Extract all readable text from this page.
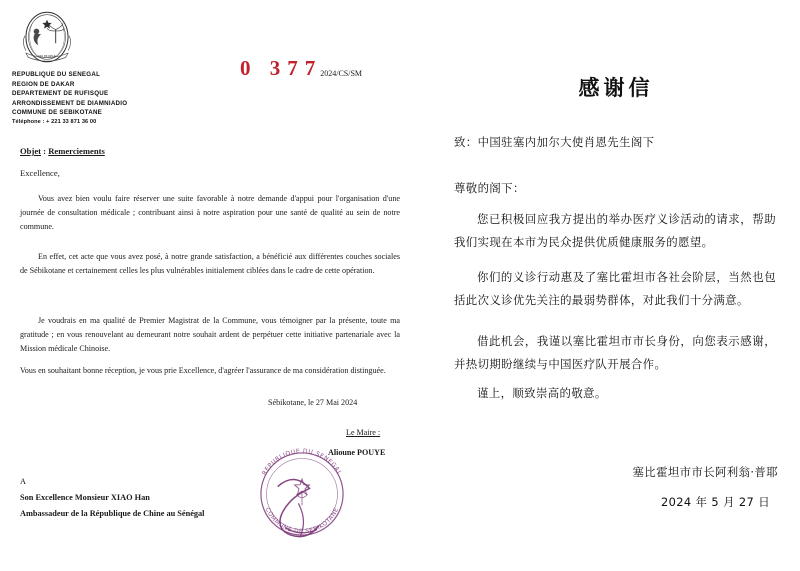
UN PEUPLE
REPUBLIQUE DU SENEGAL
REGION DE DAKAR
DEPARTEMENT DE RUFISQUE
ARRONDISSEMENT DE DIAMNIADIO
COMMUNE DE SEBIKOTANE
Téléphone : + 221 33 871 36 00
0 377
2024/CS/SM
Objet : Remerciements
Excellence,
Vous avez bien voulu faire réserver une suite favorable à notre demande d'appui pour l'organisation d'une journée de consultation médicale ; contribuant ainsi à notre aspiration pour une santé de qualité au sein de notre commune.
En effet, cet acte que vous avez posé, à notre grande satisfaction, a bénéficié aux différentes couches sociales de Sébikotane et certainement celles les plus vulnérables initialement ciblées dans le cadre de cette opération.
Je voudrais en ma qualité de Premier Magistrat de la Commune, vous témoigner par la présente, toute ma gratitude ; en vous renouvelant au demeurant notre souhait ardent de perpétuer cette initiative partenariale avec la Mission médicale Chinoise.
Vous en souhaitant bonne réception, je vous prie Excellence, d'agréer l'assurance de ma considération distinguée.
Sébikotane, le 27 Mai 2024
Le Maire :
Alioune POUYE
A
Son Excellence Monsieur XIAO Han
Ambassadeur de la République de Chine au Sénégal
REPUBLIQUE DU SENEGAL
COMMUNE DE SEBIKOTANE
感谢信
致：中国驻塞内加尔大使肖恩先生阁下
尊敬的阁下：
您已积极回应我方提出的举办医疗义诊活动的请求，帮助我们实现在本市为民众提供优质健康服务的愿望。
你们的义诊行动惠及了塞比霍坦市各社会阶层，当然也包括此次义诊优先关注的最弱势群体，对此我们十分满意。
借此机会，我谨以塞比霍坦市市长身份，向您表示感谢，并热切期盼继续与中国医疗队开展合作。
谨上，顺致崇高的敬意。
塞比霍坦市市长阿利翁·普耶
2024 年 5 月 27 日
